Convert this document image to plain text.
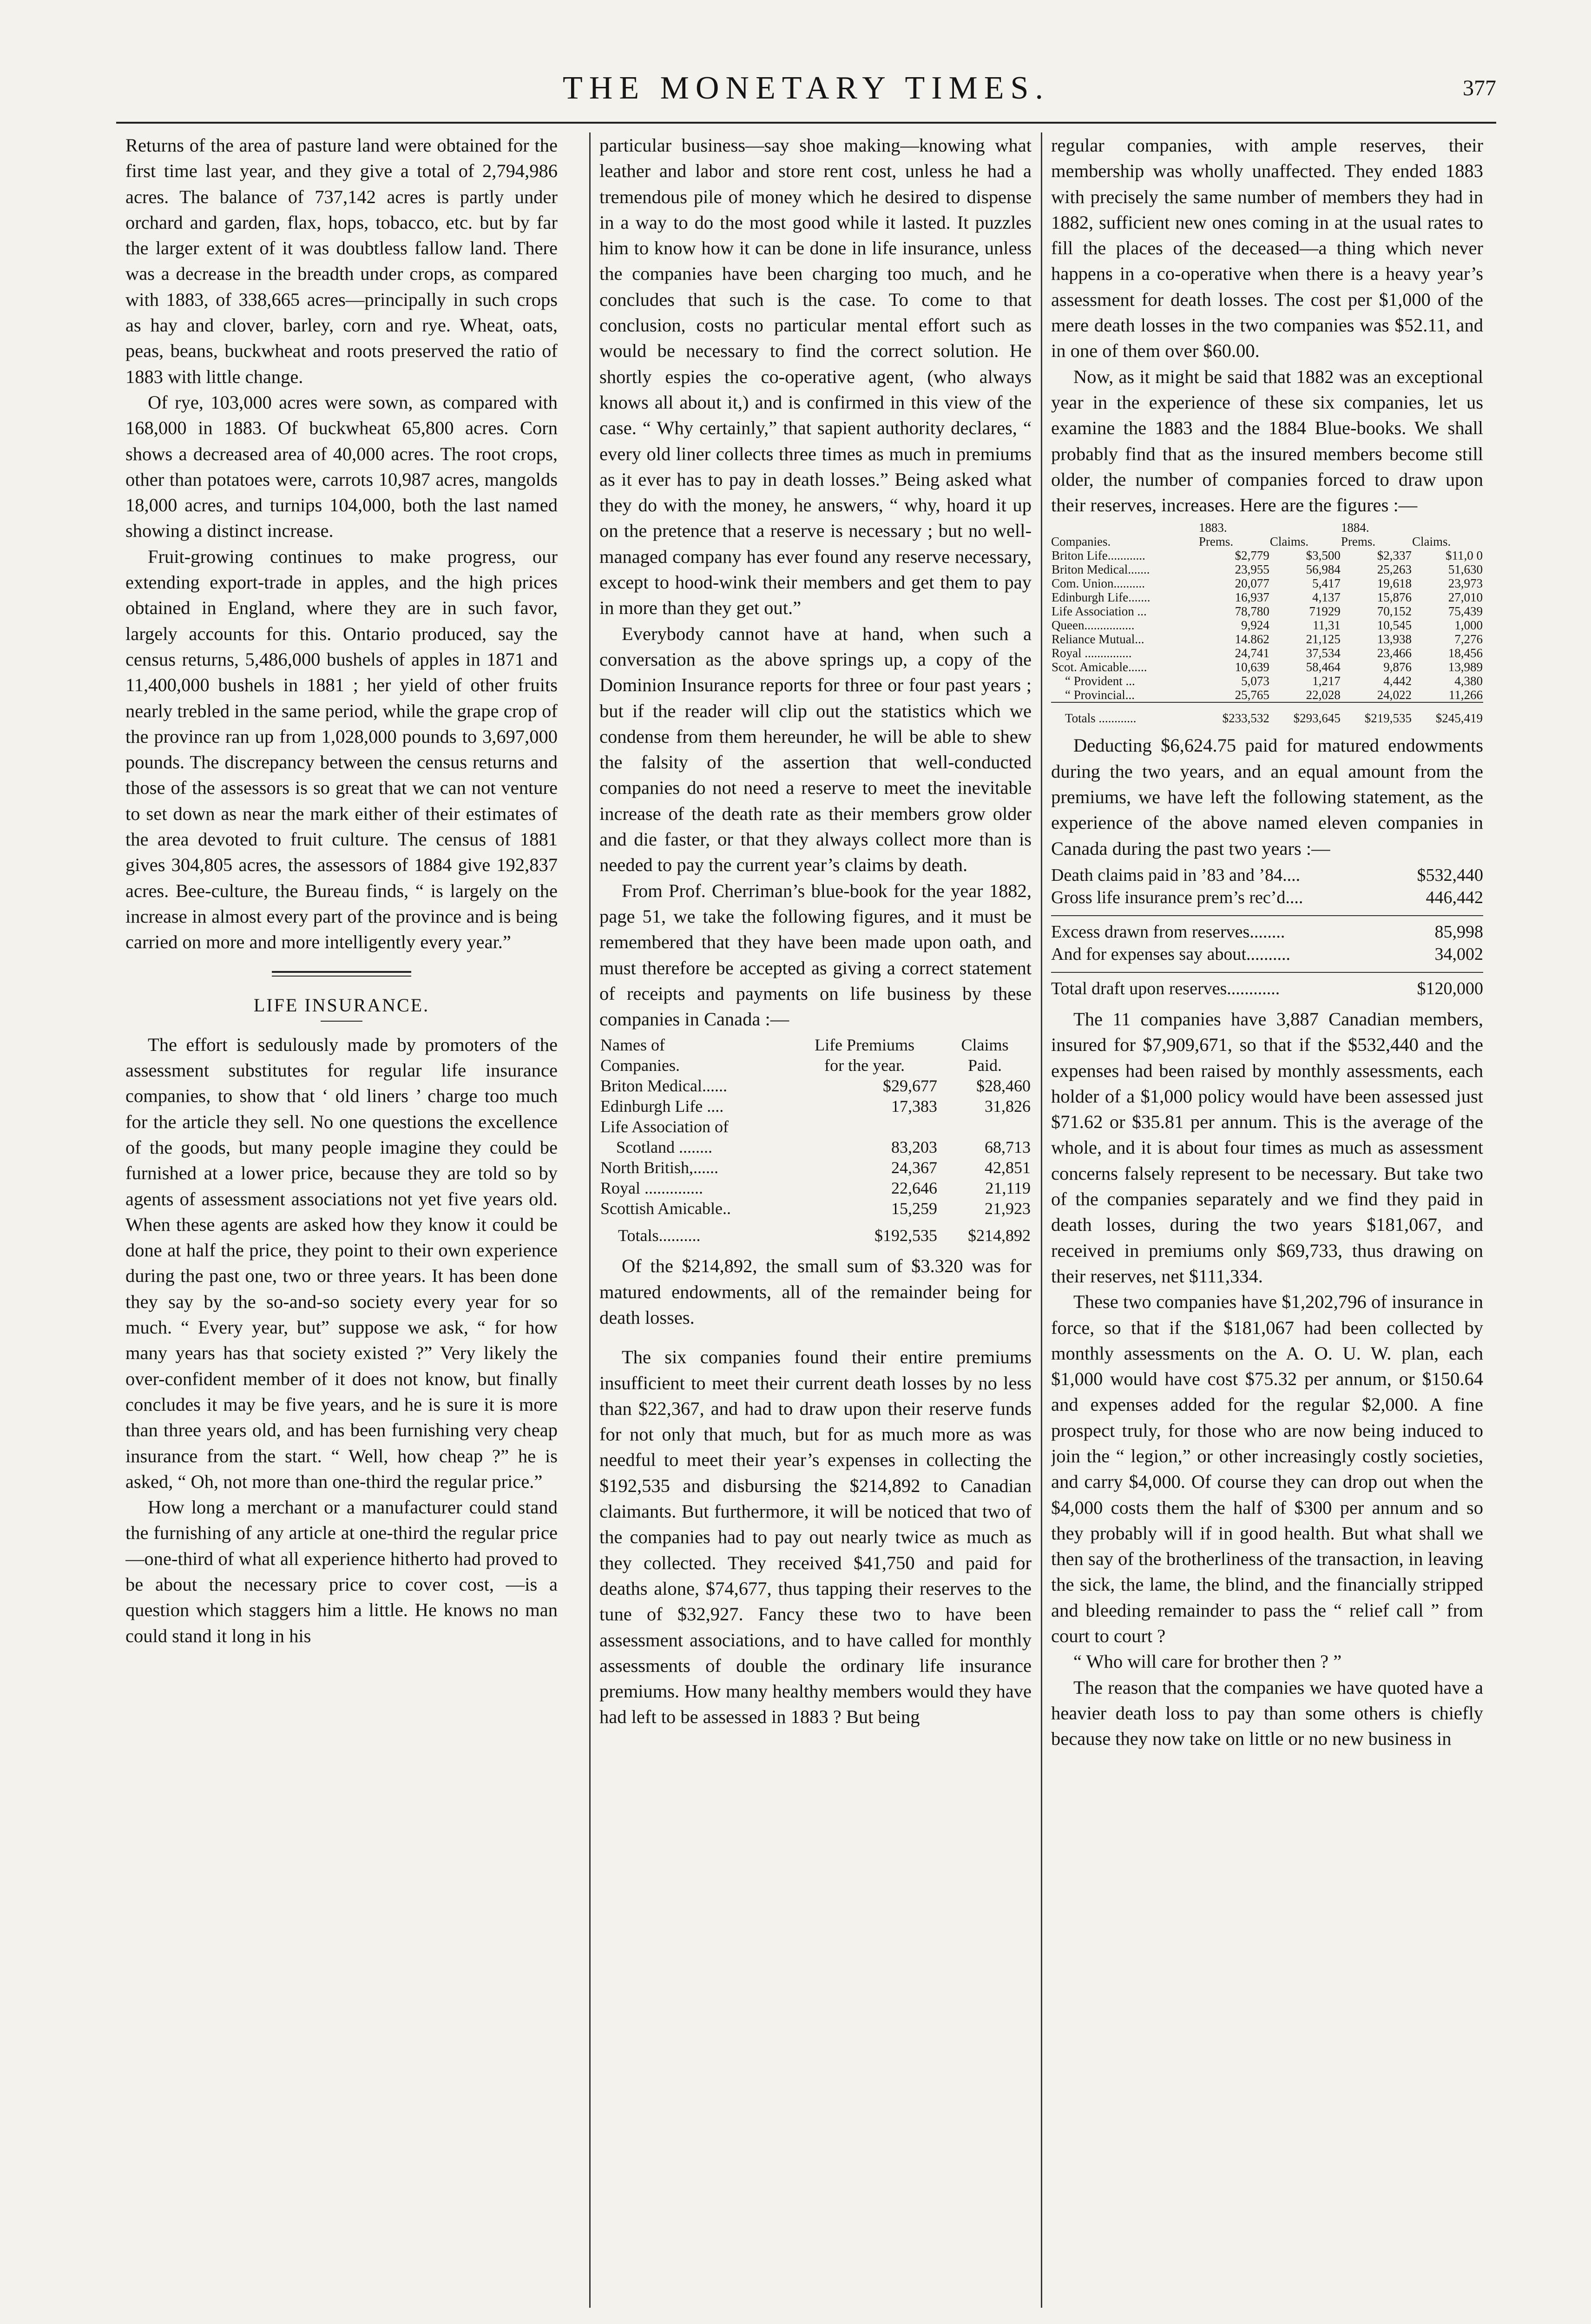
THE MONETARY TIMES.	377

Returns of the area of pasture land were obtained for the first time last year, and they give a total of 2,794,986 acres. The balance of 737,142 acres is partly under orchard and garden, flax, hops, tobacco, etc. but by far the larger extent of it was doubtless fallow land. There was a decrease in the breadth under crops, as compared with 1883, of 338,665 acres—principally in such crops as hay and clover, barley, corn and rye. Wheat, oats, peas, beans, buckwheat and roots preserved the ratio of 1883 with little change.

Of rye, 103,000 acres were sown, as compared with 168,000 in 1883. Of buckwheat 65,800 acres. Corn shows a decreased area of 40,000 acres. The root crops, other than potatoes were, carrots 10,987 acres, mangolds 18,000 acres, and turnips 104,000, both the last named showing a distinct increase.

Fruit-growing continues to make progress, our extending export-trade in apples, and the high prices obtained in England, where they are in such favor, largely accounts for this. Ontario produced, say the census returns, 5,486,000 bushels of apples in 1871 and 11,400,000 bushels in 1881 ; her yield of other fruits nearly trebled in the same period, while the grape crop of the province ran up from 1,028,000 pounds to 3,697,000 pounds. The discrepancy between the census returns and those of the assessors is so great that we can not venture to set down as near the mark either of their estimates of the area devoted to fruit culture. The census of 1881 gives 304,805 acres, the assessors of 1884 give 192,837 acres. Bee-culture, the Bureau finds, “ is largely on the increase in almost every part of the province and is being carried on more and more intelligently every year.”

LIFE INSURANCE.

The effort is sedulously made by promoters of the assessment substitutes for regular life insurance companies, to show that ‘ old liners ’ charge too much for the article they sell. No one questions the excellence of the goods, but many people imagine they could be furnished at a lower price, because they are told so by agents of assessment associations not yet five years old. When these agents are asked how they know it could be done at half the price, they point to their own experience during the past one, two or three years. It has been done they say by the so-and-so society every year for so much. “ Every year, but” suppose we ask, “ for how many years has that society existed ?” Very likely the over-confident member of it does not know, but finally concludes it may be five years, and he is sure it is more than three years old, and has been furnishing very cheap insurance from the start. “ Well, how cheap ?” he is asked, “ Oh, not more than one-third the regular price.”

How long a merchant or a manufacturer could stand the furnishing of any article at one-third the regular price—one-third of what all experience hitherto had proved to be about the necessary price to cover cost, —is a question which staggers him a little. He knows no man could stand it long in his

particular business—say shoe making—knowing what leather and labor and store rent cost, unless he had a tremendous pile of money which he desired to dispense in a way to do the most good while it lasted. It puzzles him to know how it can be done in life insurance, unless the companies have been charging too much, and he concludes that such is the case. To come to that conclusion, costs no particular mental effort such as would be necessary to find the correct solution. He shortly espies the co-operative agent, (who always knows all about it,) and is confirmed in this view of the case. “ Why certainly,” that sapient authority declares, “ every old liner collects three times as much in premiums as it ever has to pay in death losses.” Being asked what they do with the money, he answers, “ why, hoard it up on the pretence that a reserve is necessary ; but no well-managed company has ever found any reserve necessary, except to hood-wink their members and get them to pay in more than they get out.”

Everybody cannot have at hand, when such a conversation as the above springs up, a copy of the Dominion Insurance reports for three or four past years ; but if the reader will clip out the statistics which we condense from them hereunder, he will be able to shew the falsity of the assertion that well-conducted companies do not need a reserve to meet the inevitable increase of the death rate as their members grow older and die faster, or that they always collect more than is needed to pay the current year’s claims by death.

From Prof. Cherriman’s blue-book for the year 1882, page 51, we take the following figures, and it must be remembered that they have been made upon oath, and must therefore be accepted as giving a correct statement of receipts and payments on life business by these companies in Canada :—

Names of	Life Premiums	Claims
Companies.	for the year.	Paid.
Briton Medical......	$29,677	$28,460
Edinburgh Life ....	17,383	31,826
Life Association of		
Scotland ........	83,203	68,713
North British,......	24,367	42,851
Royal ..............	22,646	21,119
Scottish Amicable..	15,259	21,923
Totals..........	$192,535	$214,892

Of the $214,892, the small sum of $3.320 was for matured endowments, all of the remainder being for death losses.

The six companies found their entire premiums insufficient to meet their current death losses by no less than $22,367, and had to draw upon their reserve funds for not only that much, but for as much more as was needful to meet their year’s expenses in collecting the $192,535 and disbursing the $214,892 to Canadian claimants. But furthermore, it will be noticed that two of the companies had to pay out nearly twice as much as they collected. They received $41,750 and paid for deaths alone, $74,677, thus tapping their reserves to the tune of $32,927. Fancy these two to have been assessment associations, and to have called for monthly assessments of double the ordinary life insurance premiums. How many healthy members would they have had left to be assessed in 1883 ? But being

regular companies, with ample reserves, their membership was wholly unaffected. They ended 1883 with precisely the same number of members they had in 1882, sufficient new ones coming in at the usual rates to fill the places of the deceased—a thing which never happens in a co-operative when there is a heavy year’s assessment for death losses. The cost per $1,000 of the mere death losses in the two companies was $52.11, and in one of them over $60.00.

Now, as it might be said that 1882 was an exceptional year in the experience of these six companies, let us examine the 1883 and the 1884 Blue-books. We shall probably find that as the insured members become still older, the number of companies forced to draw upon their reserves, increases. Here are the figures :—

	1883.		1884.	
Companies.	Prems.	Claims.	Prems.	Claims.
Briton Life............	$2,779	$3,500	$2,337	$11,0 0
Briton Medical.......	23,955	56,984	25,263	51,630
Com. Union..........	20,077	5,417	19,618	23,973
Edinburgh Life.......	16,937	4,137	15,876	27,010
Life Association ...	78,780	71929	70,152	75,439
Queen................	9,924	11,31	10,545	1,000
Reliance Mutual...	14.862	21,125	13,938	7,276
Royal ...............	24,741	37,534	23,466	18,456
Scot. Amicable......	10,639	58,464	9,876	13,989
“ Provident ...	5,073	1,217	4,442	4,380
“ Provincial...	25,765	22,028	24,022	11,266
Totals ............	$233,532	$293,645	$219,535	$245,419

Deducting $6,624.75 paid for matured endowments during the two years, and an equal amount from the premiums, we have left the following statement, as the experience of the above named eleven companies in Canada during the past two years :—

Death claims paid in ’83 and ’84....	$532,440
Gross life insurance prem’s rec’d....	446,442
Excess drawn from reserves........	85,998
And for expenses say about..........	34,002
Total draft upon reserves............	$120,000

The 11 companies have 3,887 Canadian members, insured for $7,909,671, so that if the $532,440 and the expenses had been raised by monthly assessments, each holder of a $1,000 policy would have been assessed just $71.62 or $35.81 per annum. This is the average of the whole, and it is about four times as much as assessment concerns falsely represent to be necessary. But take two of the companies separately and we find they paid in death losses, during the two years $181,067, and received in premiums only $69,733, thus drawing on their reserves, net $111,334.

These two companies have $1,202,796 of insurance in force, so that if the $181,067 had been collected by monthly assessments on the A. O. U. W. plan, each $1,000 would have cost $75.32 per annum, or $150.64 and expenses added for the regular $2,000. A fine prospect truly, for those who are now being induced to join the “ legion,” or other increasingly costly societies, and carry $4,000. Of course they can drop out when the $4,000 costs them the half of $300 per annum and so they probably will if in good health. But what shall we then say of the brotherliness of the transaction, in leaving the sick, the lame, the blind, and the financially stripped and bleeding remainder to pass the “ relief call ” from court to court ?

“ Who will care for brother then ? ”

The reason that the companies we have quoted have a heavier death loss to pay than some others is chiefly because they now take on little or no new business in
